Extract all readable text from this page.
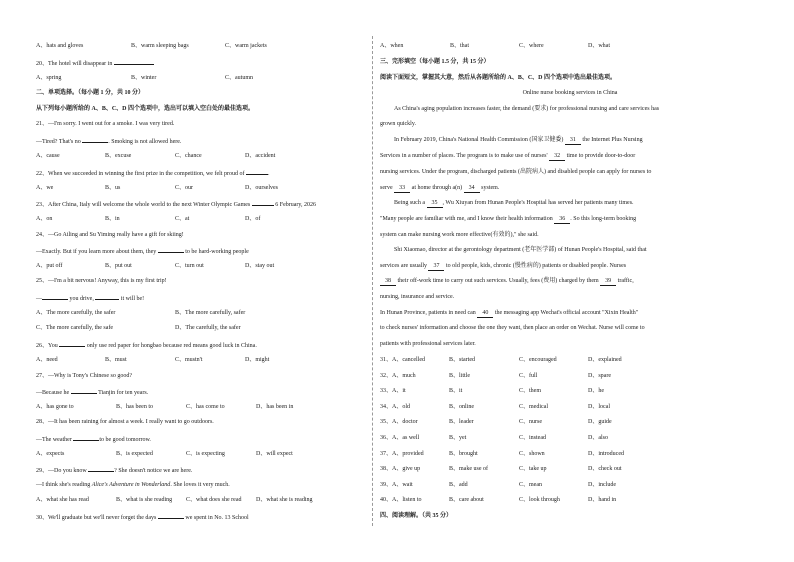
A、hats and gloves	B、warm sleeping bags	C、warm jackets
20、The hotel will disappear in
A、spring	B、winter	C、autumn
二、单项选择。（每小题 1 分，共 10 分）
从下列每小题所给的 A、B、C、D 四个选项中，选出可以填入空白处的最佳选项。
21、—I'm sorry. I went out for a smoke. I was very tired.
—Tired? That's no	. Smoking is not allowed here.
A、cause	B、excuse	C、chance	D、accident
22、When we succeeded in winning the first prize in the competition, we felt proud of	.
A、we	B、us	C、our	D、ourselves
23、After China, Italy will welcome the whole world to the next Winter Olympic Games	6 February, 2026
A、on	B、in	C、at	D、of
24、—Go Ailing and Su Yiming really have a gift for skiing!
—Exactly. But if you learn more about them, they	to be hard-working people
A、put off	B、put out	C、turn out	D、stay out
25、—I'm a bit nervous! Anyway, this is my first trip!
—	you drive,	it will be!
A、The more carefully, the safer	B、The more carefully, safer
C、The more carefully, the safe	D、The carefully, the safer
26、You	only use red paper for hongbao because red means good luck in China.
A、need	B、must	C、mustn't	D、might
27、—Why is Tony's Chinese so good?
—Because he	Tianjin for ten years.
A、has gone to	B、has been to	C、has come to	D、has been in
28、—It has been raining for almost a week. I really want to go outdoors.
—The weather	to be good tomorrow.
A、expects	B、is expected	C、is expecting	D、will expect
29、—Do you know	? She doesn't notice we are here.
—I think she's reading Alice's Adventure in Wonderland. She loves it very much.
A、what she has read	B、what is she reading C、what does she read D、what she is reading
30、We'll graduate but we'll never forget the days	we spent in No. 13 School
A、when	B、that	C、where	D、what
三、完形填空（每小题 1.5 分，共 15 分）
阅读下面短文，掌握其大意，然后从各题所给的 A、B、C、D 四个选项中选出最佳选项。
Online nurse booking services in China
As China's aging population increases faster, the demand (要求) for professional nursing and care services has
grown quickly.
In February 2019, China's National Health Commission (国家卫健委) 31 the Internet Plus Nursing
Services in a number of places. The program is to make use of nurses' 32 time to provide door-to-door
nursing services. Under the program, discharged patients (出院病人) and disabled people can apply for nurses to
serve 33 at home through a(n) 34 system.
Being such a 35 , Wu Xiuyan from Hunan People's Hospital has served her patients many times.
"Many people are familiar with me, and I know their health information 36 . So this long-term booking
system can make nursing work more effective(有效的)," she said.
Shi Xiaomao, director at the gerontology department (老年医学部) of Hunan People's Hospital, said that
services are usually 37 to old people, kids, chronic (慢性病的) patients or disabled people. Nurses
38 their off-work time to carry out such services. Usually, fees (费用) charged by them 39 traffic,
nursing, insurance and service.
In Hunan Province, patients in need can 40 the messaging app Wechat's official account "Xixin Health"
to check nurses' information and choose the one they want, then place an order on Wechat. Nurse will come to
patients with professional services later.
31、A、cancelled	B、started	C、encouraged	D、explained
32、A、much	B、little	C、full	D、spare
33、A、it	B、it	C、them	D、he
34、A、old	B、online	C、medical	D、local
35、A、doctor	B、leader	C、nurse	D、guide
36、A、as well	B、yet	C、instead	D、also
37、A、provided	B、brought	C、shown	D、introduced
38、A、give up	B、make use of	C、take up	D、check out
39、A、wait	B、add	C、mean	D、include
40、A、listen to	B、care about	C、look through	D、hand in
四、阅读理解。（共 35 分）
